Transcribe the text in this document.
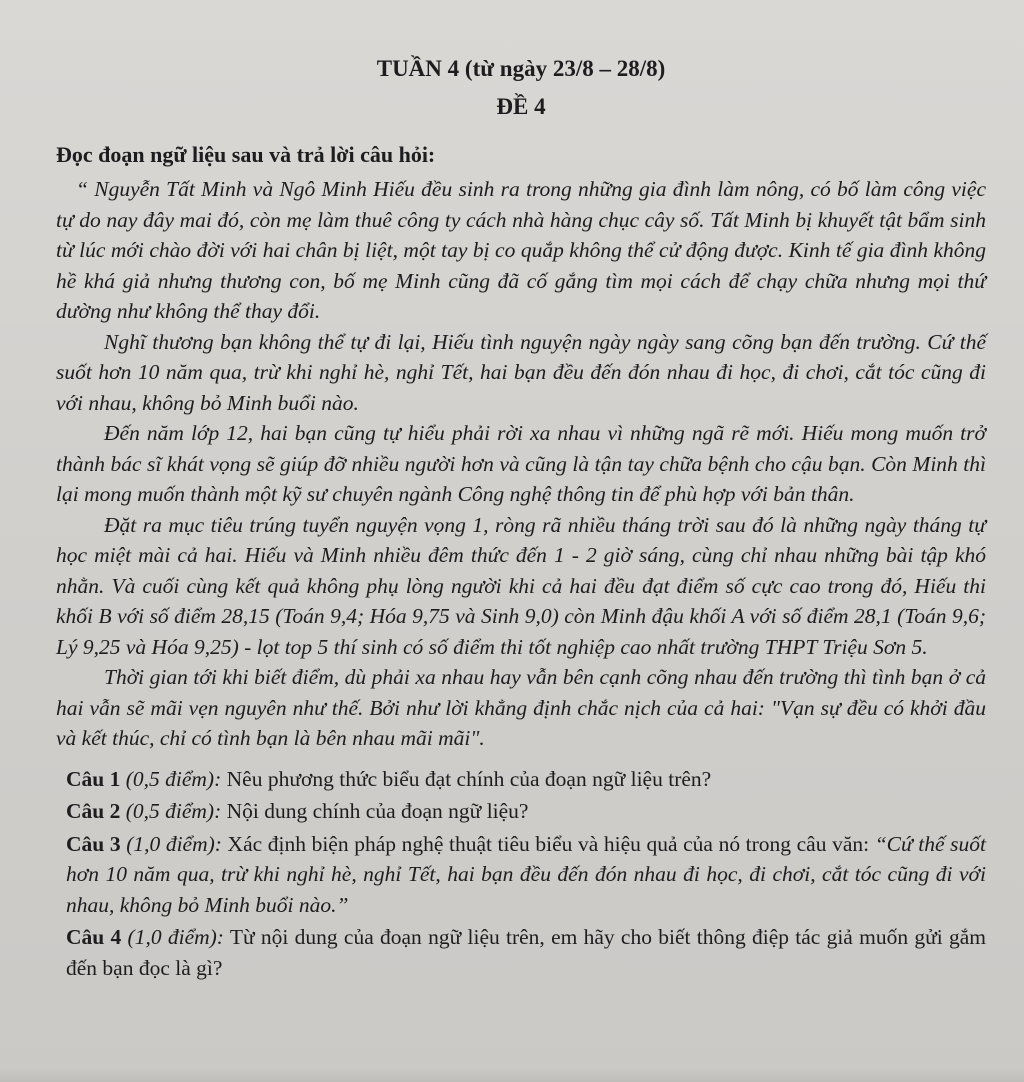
TUẦN 4 (từ ngày 23/8 – 28/8)
ĐỀ 4
Đọc đoạn ngữ liệu sau và trả lời câu hỏi:

“ Nguyễn Tất Minh và Ngô Minh Hiếu đều sinh ra trong những gia đình làm nông, có bố làm công việc tự do nay đây mai đó, còn mẹ làm thuê công ty cách nhà hàng chục cây số. Tất Minh bị khuyết tật bẩm sinh từ lúc mới chào đời với hai chân bị liệt, một tay bị co quắp không thể cử động được. Kinh tế gia đình không hề khá giả nhưng thương con, bố mẹ Minh cũng đã cố gắng tìm mọi cách để chạy chữa nhưng mọi thứ dường như không thể thay đổi.

Nghĩ thương bạn không thể tự đi lại, Hiếu tình nguyện ngày ngày sang cõng bạn đến trường. Cứ thế suốt hơn 10 năm qua, trừ khi nghỉ hè, nghỉ Tết, hai bạn đều đến đón nhau đi học, đi chơi, cắt tóc cũng đi với nhau, không bỏ Minh buổi nào.

Đến năm lớp 12, hai bạn cũng tự hiểu phải rời xa nhau vì những ngã rẽ mới. Hiếu mong muốn trở thành bác sĩ khát vọng sẽ giúp đỡ nhiều người hơn và cũng là tận tay chữa bệnh cho cậu bạn. Còn Minh thì lại mong muốn thành một kỹ sư chuyên ngành Công nghệ thông tin để phù hợp với bản thân.

Đặt ra mục tiêu trúng tuyển nguyện vọng 1, ròng rã nhiều tháng trời sau đó là những ngày tháng tự học miệt mài cả hai. Hiếu và Minh nhiều đêm thức đến 1 - 2 giờ sáng, cùng chỉ nhau những bài tập khó nhằn. Và cuối cùng kết quả không phụ lòng người khi cả hai đều đạt điểm số cực cao trong đó, Hiếu thi khối B với số điểm 28,15 (Toán 9,4; Hóa 9,75 và Sinh 9,0) còn Minh đậu khối A với số điểm 28,1 (Toán 9,6; Lý 9,25 và Hóa 9,25) - lọt top 5 thí sinh có số điểm thi tốt nghiệp cao nhất trường THPT Triệu Sơn 5.

Thời gian tới khi biết điểm, dù phải xa nhau hay vẫn bên cạnh cõng nhau đến trường thì tình bạn ở cả hai vẫn sẽ mãi vẹn nguyên như thế. Bởi như lời khẳng định chắc nịch của cả hai: "Vạn sự đều có khởi đầu và kết thúc, chỉ có tình bạn là bên nhau mãi mãi".

Câu 1 (0,5 điểm): Nêu phương thức biểu đạt chính của đoạn ngữ liệu trên?
Câu 2 (0,5 điểm): Nội dung chính của đoạn ngữ liệu?
Câu 3 (1,0 điểm): Xác định biện pháp nghệ thuật tiêu biểu và hiệu quả của nó trong câu văn: “Cứ thế suốt hơn 10 năm qua, trừ khi nghỉ hè, nghỉ Tết, hai bạn đều đến đón nhau đi học, đi chơi, cắt tóc cũng đi với nhau, không bỏ Minh buổi nào.”
Câu 4 (1,0 điểm): Từ nội dung của đoạn ngữ liệu trên, em hãy cho biết thông điệp tác giả muốn gửi gắm đến bạn đọc là gì?
